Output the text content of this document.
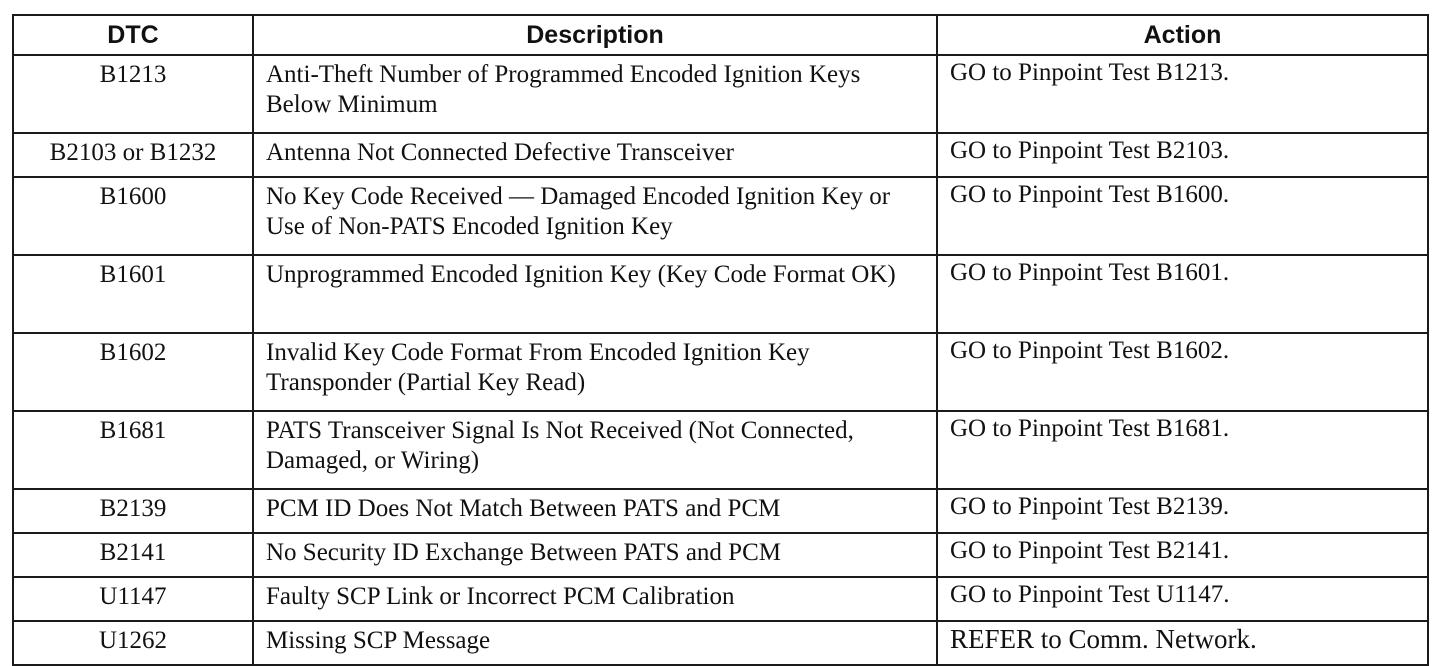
DTC	Description	Action
B1213	Anti-Theft Number of Programmed Encoded Ignition Keys Below Minimum	GO to Pinpoint Test B1213.
B2103 or B1232	Antenna Not Connected Defective Transceiver	GO to Pinpoint Test B2103.
B1600	No Key Code Received — Damaged Encoded Ignition Key or Use of Non-PATS Encoded Ignition Key	GO to Pinpoint Test B1600.
B1601	Unprogrammed Encoded Ignition Key (Key Code Format OK)	GO to Pinpoint Test B1601.
B1602	Invalid Key Code Format From Encoded Ignition Key Transponder (Partial Key Read)	GO to Pinpoint Test B1602.
B1681	PATS Transceiver Signal Is Not Received (Not Connected, Damaged, or Wiring)	GO to Pinpoint Test B1681.
B2139	PCM ID Does Not Match Between PATS and PCM	GO to Pinpoint Test B2139.
B2141	No Security ID Exchange Between PATS and PCM	GO to Pinpoint Test B2141.
U1147	Faulty SCP Link or Incorrect PCM Calibration	GO to Pinpoint Test U1147.
U1262	Missing SCP Message	REFER to Comm. Network.
